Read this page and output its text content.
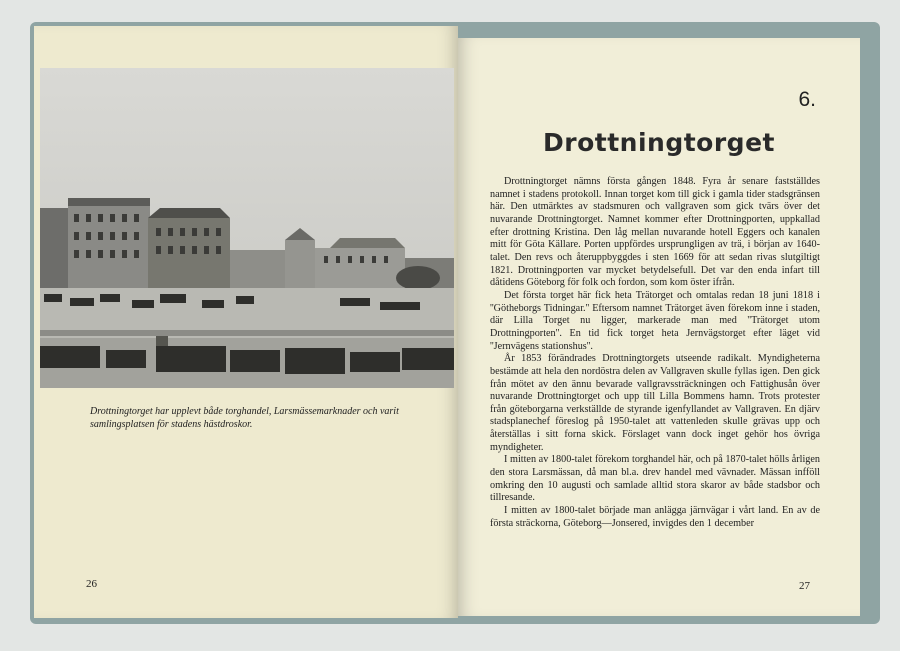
Drottningtorget har upplevt både torghandel, Larsmässemarknader och varit samlingsplatsen för stadens hästdroskor.
26
6.
Drottningtorget

Drottningtorget nämns första gången 1848. Fyra år senare fastställdes namnet i stadens protokoll. Innan torget kom till gick i gamla tider stadsgränsen här. Den utmärktes av stadsmuren och vallgraven som gick tvärs över det nuvarande Drottningtorget. Namnet kommer efter Drottningporten, uppkallad efter drottning Kristina. Den låg mellan nuvarande hotell Eggers och kanalen mitt för Göta Källare. Porten uppfördes ursprungligen av trä, i början av 1640-talet. Den revs och återuppbyggdes i sten 1669 för att sedan rivas slutgiltigt 1821. Drottningporten var mycket betydelsefull. Det var den enda infart till dåtidens Göteborg för folk och fordon, som kom öster ifrån.

Det första torget här fick heta Trätorget och omtalas redan 18 juni 1818 i ''Götheborgs Tidningar.'' Eftersom namnet Trätorget även förekom inne i staden, där Lilla Torget nu ligger, markerade man med ''Trätorget utom Drottningporten''. En tid fick torget heta Jernvägstorget efter läget vid ''Jernvägens stationshus''.

År 1853 förändrades Drottningtorgets utseende radikalt. Myndigheterna bestämde att hela den nordöstra delen av Vallgraven skulle fyllas igen. Den gick från mötet av den ännu bevarade vallgravssträckningen och Fattighusån över nuvarande Drottningtorget och upp till Lilla Bommens hamn. Trots protester från göteborgarna verkställde de styrande igenfyllandet av Vallgraven. En djärv stadsplanechef föreslog på 1950-talet att vattenleden skulle grävas upp och återställas i sitt forna skick. Förslaget vann dock inget gehör hos övriga myndigheter.

I mitten av 1800-talet förekom torghandel här, och på 1870-talet hölls årligen den stora Larsmässan, då man bl.a. drev handel med vävnader. Mässan infföll omkring den 10 augusti och samlade alltid stora skaror av både stadsbor och tillresande.

I mitten av 1800-talet började man anlägga järnvägar i vårt land. En av de första sträckorna, Göteborg—Jonsered, invigdes den 1 december

27
